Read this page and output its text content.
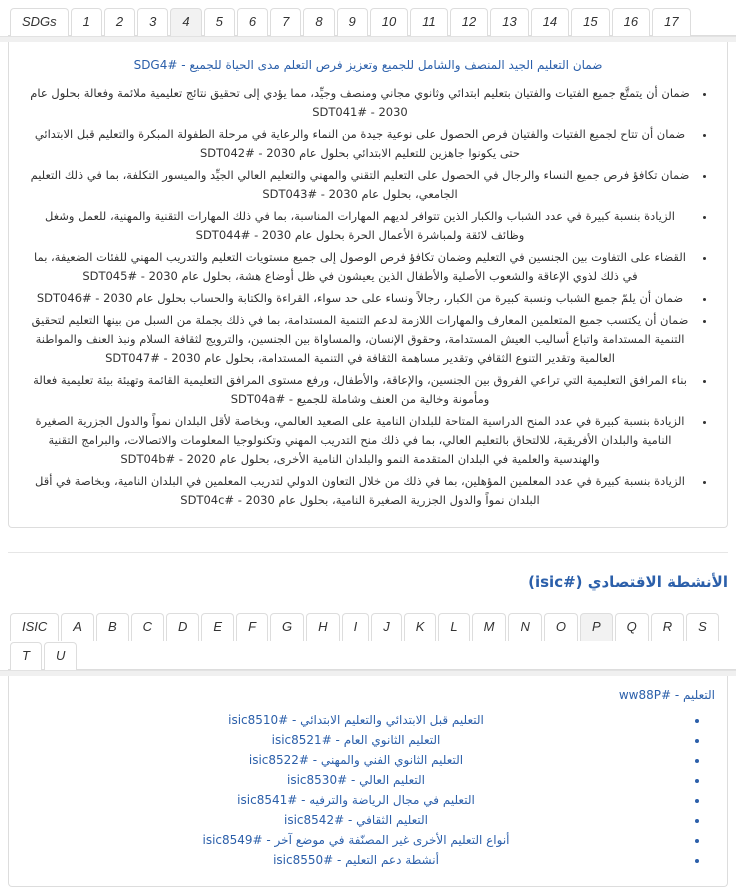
SDGs	1	2	3	4	5	6	7	8	9	10	11	12	13	14	15	16	17
ضمان التعليم الجيد المنصف والشامل للجميع وتعزيز فرص التعلم مدى الحياة للجميع - #SDG4
• ضمان أن يتمتَّع جميع الفتيات والفتيان بتعليم ابتدائي وثانوي مجاني ومنصف وجيِّد، مما يؤدي إلى تحقيق نتائج تعليمية ملائمة وفعالة بحلول عام 2030 - #SDT041
• ضمان أن تتاح لجميع الفتيات والفتيان فرص الحصول على نوعية جيدة من النماء والرعاية في مرحلة الطفولة المبكرة والتعليم قبل الابتدائي حتى يكونوا جاهزين للتعليم الابتدائي بحلول عام 2030 - #SDT042
• ضمان تكافؤ فرص جميع النساء والرجال في الحصول على التعليم التقني والمهني والتعليم العالي الجيِّد والميسور التكلفة، بما في ذلك التعليم الجامعي، بحلول عام 2030 - #SDT043
• الزيادة بنسبة كبيرة في عدد الشباب والكبار الذين تتوافر لديهم المهارات المناسبة، بما في ذلك المهارات التقنية والمهنية، للعمل وشغل وظائف لائقة ولمباشرة الأعمال الحرة بحلول عام 2030 - #SDT044
• القضاء على التفاوت بين الجنسين في التعليم وضمان تكافؤ فرص الوصول إلى جميع مستويات التعليم والتدريب المهني للفئات الضعيفة، بما في ذلك لذوي الإعاقة والشعوب الأصلية والأطفال الذين يعيشون في ظل أوضاع هشة، بحلول عام 2030 - #SDT045
• ضمان أن يلمّ جميع الشباب ونسبة كبيرة من الكبار، رجالاً ونساء على حد سواء، القراءة والكتابة والحساب بحلول عام 2030 - #SDT046
• ضمان أن يكتسب جميع المتعلمين المعارف والمهارات اللازمة لدعم التنمية المستدامة، بما في ذلك بجملة من السبل من بينها التعليم لتحقيق التنمية المستدامة واتباع أساليب العيش المستدامة، وحقوق الإنسان، والمساواة بين الجنسين، والترويج لثقافة السلام ونبذ العنف والمواطنة العالمية وتقدير التنوع الثقافي وتقدير مساهمة الثقافة في التنمية المستدامة، بحلول عام 2030 - #SDT047
• بناء المرافق التعليمية التي تراعي الفروق بين الجنسين، والإعاقة، والأطفال، ورفع مستوى المرافق التعليمية القائمة وتهيئة بيئة تعليمية فعالة ومأمونة وخالية من العنف وشاملة للجميع - #SDT04a
• الزيادة بنسبة كبيرة في عدد المنح الدراسية المتاحة للبلدان النامية على الصعيد العالمي، وبخاصة لأقل البلدان نمواً والدول الجزرية الصغيرة النامية والبلدان الأفريقية، للالتحاق بالتعليم العالي، بما في ذلك منح التدريب المهني وتكنولوجيا المعلومات والاتصالات، والبرامج التقنية والهندسية والعلمية في البلدان المتقدمة النمو والبلدان النامية الأخرى، بحلول عام 2020 - #SDT04b
• الزيادة بنسبة كبيرة في عدد المعلمين المؤهلين، بما في ذلك من خلال التعاون الدولي لتدريب المعلمين في البلدان النامية، وبخاصة في أقل البلدان نمواً والدول الجزرية الصغيرة النامية، بحلول عام 2030 - #SDT04c
الأنشطة الاقتصادي (#isic)
ISIC	A	B	C	D	E	F	G	H	I	J	K	L	M	N	O	P	Q	R	S
T	U
التعليم - #ww88P
• التعليم قبل الابتدائي والتعليم الابتدائي - #isic8510
• التعليم الثانوي العام - #isic8521
• التعليم الثانوي الفني والمهني - #isic8522
• التعليم العالي - #isic8530
• التعليم في مجال الرياضة والترفيه - #isic8541
• التعليم الثقافي - #isic8542
• أنواع التعليم الأخرى غير المصنّفة في موضع آخر - #isic8549
• أنشطة دعم التعليم - #isic8550
